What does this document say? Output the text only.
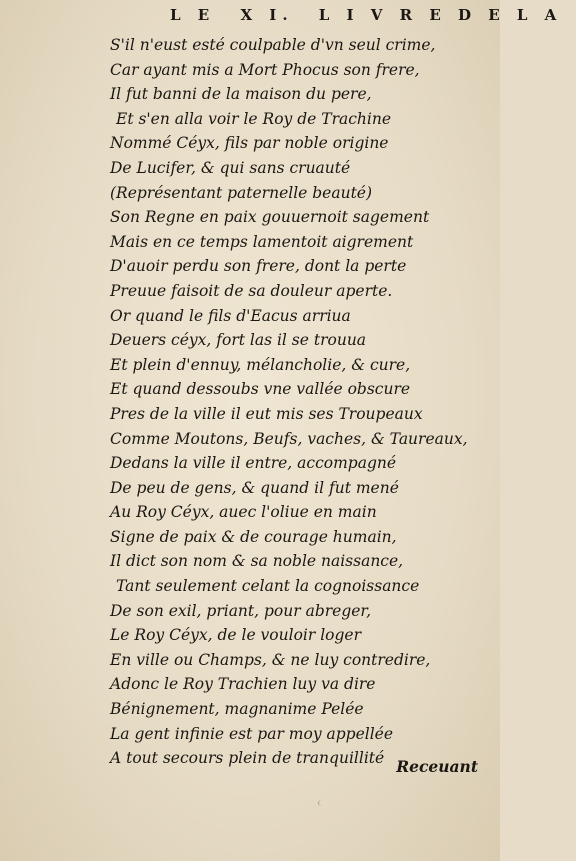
L E X I. L I V R E D E L A
S'il n'eust esté coulpable d'vn seul crime,
Car ayant mis a Mort Phocus son frere,
Il fut banni de la maison du pere,
Et s'en alla voir le Roy de Trachine
Nommé Céyx, fils par noble origine
De Lucifer, & qui sans cruauté
(Représentant paternelle beauté)
Son Regne en paix gouuernoit sagement
Mais en ce temps lamentoit aigrement
D'auoir perdu son frere, dont la perte
Preuue faisoit de sa douleur aperte.
Or quand le fils d'Eacus arriua
Deuers céyx, fort las il se trouua
Et plein d'ennuy, mélancholie, & cure,
Et quand dessoubs vne vallée obscure
Pres de la ville il eut mis ses Troupeaux
Comme Moutons, Beufs, vaches, & Taureaux,
Dedans la ville il entre, accompagné
De peu de gens, & quand il fut mené
Au Roy Céyx, auec l'oliue en main
Signe de paix & de courage humain,
Il dict son nom & sa noble naissance,
Tant seulement celant la cognoissance
De son exil, priant, pour abreger,
Le Roy Céyx, de le vouloir loger
En ville ou Champs, & ne luy contredire,
Adonc le Roy Trachien luy va dire
Bénignement, magnanime Pelée
La gent infinie est par moy appellée
A tout secours plein de tranquillité Receuant
